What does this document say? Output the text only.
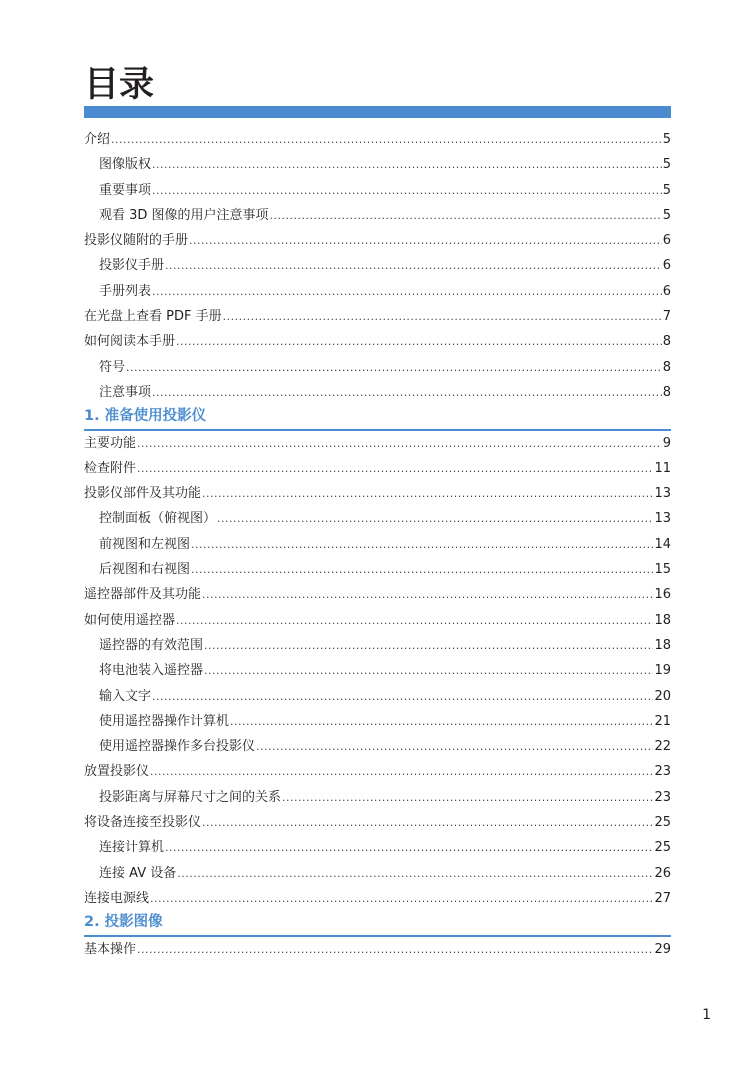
目录
介绍 .....	5
图像版权 .....	5
重要事项 .....	5
观看 3D 图像的用户注意事项 .....	5
投影仪随附的手册 .....	6
投影仪手册 .....	6
手册列表 .....	6
在光盘上查看 PDF 手册 .....	7
如何阅读本手册 .....	8
符号 .....	8
注意事项 .....	8
1. 准备使用投影仪
主要功能 .....	9
检查附件 .....	11
投影仪部件及其功能 .....	13
控制面板（俯视图） .....	13
前视图和左视图 .....	14
后视图和右视图 .....	15
遥控器部件及其功能 .....	16
如何使用遥控器 .....	18
遥控器的有效范围 .....	18
将电池装入遥控器 .....	19
输入文字 .....	20
使用遥控器操作计算机 .....	21
使用遥控器操作多台投影仪 .....	22
放置投影仪 .....	23
投影距离与屏幕尺寸之间的关系 .....	23
将设备连接至投影仪 .....	25
连接计算机 .....	25
连接 AV 设备 .....	26
连接电源线 .....	27
2. 投影图像
基本操作 .....	29
1
